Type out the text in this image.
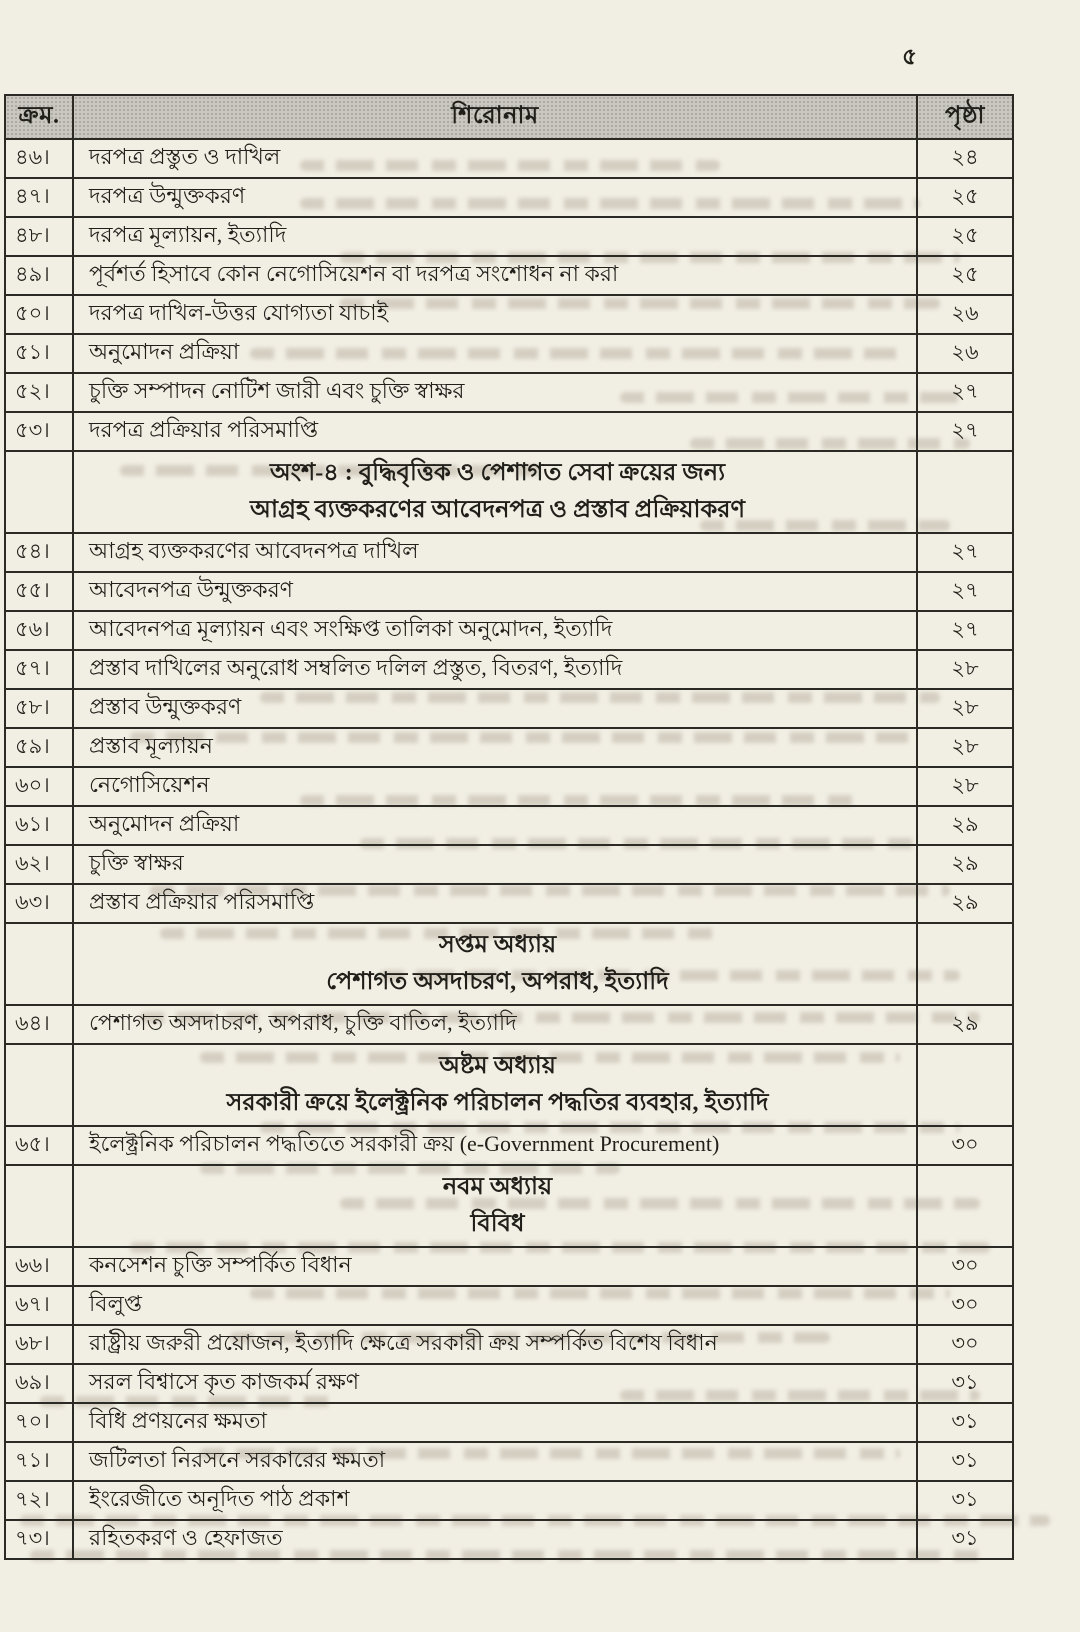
৫
ক্রম.	শিরোনাম	পৃষ্ঠা
৪৬।	দরপত্র প্রস্তুত ও দাখিল	২৪
৪৭।	দরপত্র উন্মুক্তকরণ	২৫
৪৮।	দরপত্র মূল্যায়ন, ইত্যাদি	২৫
৪৯।	পূর্বশর্ত হিসাবে কোন নেগোসিয়েশন বা দরপত্র সংশোধন না করা	২৫
৫০।	দরপত্র দাখিল-উত্তর যোগ্যতা যাচাই	২৬
৫১।	অনুমোদন প্রক্রিয়া	২৬
৫২।	চুক্তি সম্পাদন নোটিশ জারী এবং চুক্তি স্বাক্ষর	২৭
৫৩।	দরপত্র প্রক্রিয়ার পরিসমাপ্তি	২৭

	অংশ-৪ : বুদ্ধিবৃত্তিক ও পেশাগত সেবা ক্রয়ের জন্য
আগ্রহ ব্যক্তকরণের আবেদনপত্র ও প্রস্তাব প্রক্রিয়াকরণ	

৫৪।	আগ্রহ ব্যক্তকরণের আবেদনপত্র দাখিল	২৭
৫৫।	আবেদনপত্র উন্মুক্তকরণ	২৭
৫৬।	আবেদনপত্র মূল্যায়ন এবং সংক্ষিপ্ত তালিকা অনুমোদন, ইত্যাদি	২৭
৫৭।	প্রস্তাব দাখিলের অনুরোধ সম্বলিত দলিল প্রস্তুত, বিতরণ, ইত্যাদি	২৮
৫৮।	প্রস্তাব উন্মুক্তকরণ	২৮
৫৯।	প্রস্তাব মূল্যায়ন	২৮
৬০।	নেগোসিয়েশন	২৮
৬১।	অনুমোদন প্রক্রিয়া	২৯
৬২।	চুক্তি স্বাক্ষর	২৯
৬৩।	প্রস্তাব প্রক্রিয়ার পরিসমাপ্তি	২৯

	সপ্তম অধ্যায়
পেশাগত অসদাচরণ, অপরাধ, ইত্যাদি	

৬৪।	পেশাগত অসদাচরণ, অপরাধ, চুক্তি বাতিল, ইত্যাদি	২৯

	অষ্টম অধ্যায়
সরকারী ক্রয়ে ইলেক্ট্রনিক পরিচালন পদ্ধতির ব্যবহার, ইত্যাদি	

৬৫।	ইলেক্ট্রনিক পরিচালন পদ্ধতিতে সরকারী ক্রয় (e-Government Procurement)	৩০

	নবম অধ্যায়
বিবিধ	

৬৬।	কনসেশন চুক্তি সম্পর্কিত বিধান	৩০
৬৭।	বিলুপ্ত	৩০
৬৮।	রাষ্ট্রীয় জরুরী প্রয়োজন, ইত্যাদি ক্ষেত্রে সরকারী ক্রয় সম্পর্কিত বিশেষ বিধান	৩০
৬৯।	সরল বিশ্বাসে কৃত কাজকর্ম রক্ষণ	৩১
৭০।	বিধি প্রণয়নের ক্ষমতা	৩১
৭১।	জটিলতা নিরসনে সরকারের ক্ষমতা	৩১
৭২।	ইংরেজীতে অনূদিত পাঠ প্রকাশ	৩১
৭৩।	রহিতকরণ ও হেফাজত	৩১
